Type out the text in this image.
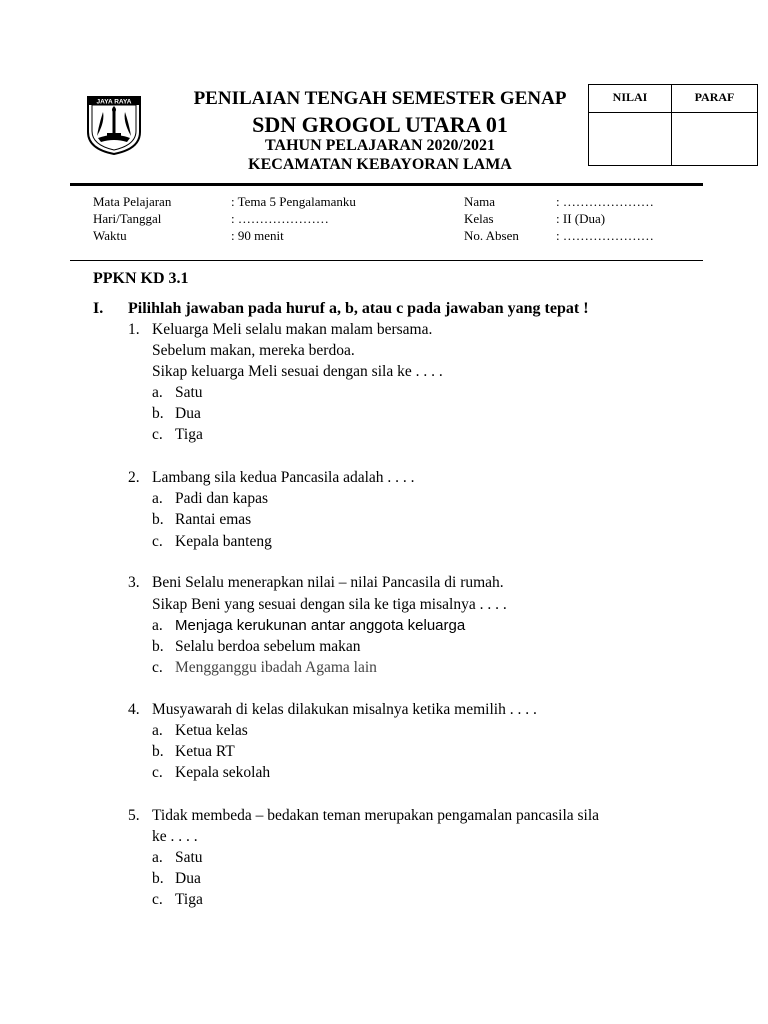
JAYA RAYA	PENILAIAN TENGAH SEMESTER GENAP
SDN GROGOL UTARA 01
TAHUN PELAJARAN 2020/2021
KECAMATAN KEBAYORAN LAMA
NILAI	PARAF
Mata Pelajaran	: Tema 5 Pengalamanku
Hari/Tanggal	: …………………
Waktu	: 90 menit
Nama	: …………………
Kelas	: II (Dua)
No. Absen	: …………………
PPKN KD 3.1
I. Pilihlah jawaban pada huruf a, b, atau c pada jawaban yang tepat !
1. Keluarga Meli selalu makan malam bersama.
Sebelum makan, mereka berdoa.
Sikap keluarga Meli sesuai dengan sila ke . . . .
a. Satu
b. Dua
c. Tiga
2. Lambang sila kedua Pancasila adalah . . . .
a. Padi dan kapas
b. Rantai emas
c. Kepala banteng
3. Beni Selalu menerapkan nilai – nilai Pancasila di rumah.
Sikap Beni yang sesuai dengan sila ke tiga misalnya . . . .
a. Menjaga kerukunan antar anggota keluarga
b. Selalu berdoa sebelum makan
c. Mengganggu ibadah Agama lain
4. Musyawarah di kelas dilakukan misalnya ketika memilih . . . .
a. Ketua kelas
b. Ketua RT
c. Kepala sekolah
5. Tidak membeda – bedakan teman merupakan pengamalan pancasila sila
ke . . . .
a. Satu
b. Dua
c. Tiga
